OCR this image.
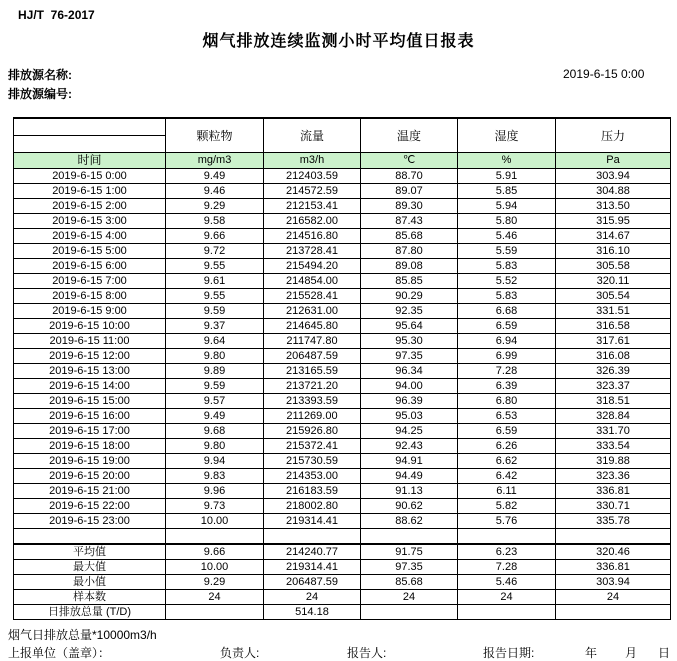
HJ/T  76-2017
烟气排放连续监测小时平均值日报表
排放源名称:
排放源编号:
2019-6-15 0:00
	颗粒物	流量	温度	湿度	压力

时间	mg/m3	m3/h	℃	%	Pa
2019-6-15 0:00	9.49	212403.59	88.70	5.91	303.94
2019-6-15 1:00	9.46	214572.59	89.07	5.85	304.88
2019-6-15 2:00	9.29	212153.41	89.30	5.94	313.50
2019-6-15 3:00	9.58	216582.00	87.43	5.80	315.95
2019-6-15 4:00	9.66	214516.80	85.68	5.46	314.67
2019-6-15 5:00	9.72	213728.41	87.80	5.59	316.10
2019-6-15 6:00	9.55	215494.20	89.08	5.83	305.58
2019-6-15 7:00	9.61	214854.00	85.85	5.52	320.11
2019-6-15 8:00	9.55	215528.41	90.29	5.83	305.54
2019-6-15 9:00	9.59	212631.00	92.35	6.68	331.51
2019-6-15 10:00	9.37	214645.80	95.64	6.59	316.58
2019-6-15 11:00	9.64	211747.80	95.30	6.94	317.61
2019-6-15 12:00	9.80	206487.59	97.35	6.99	316.08
2019-6-15 13:00	9.89	213165.59	96.34	7.28	326.39
2019-6-15 14:00	9.59	213721.20	94.00	6.39	323.37
2019-6-15 15:00	9.57	213393.59	96.39	6.80	318.51
2019-6-15 16:00	9.49	211269.00	95.03	6.53	328.84
2019-6-15 17:00	9.68	215926.80	94.25	6.59	331.70
2019-6-15 18:00	9.80	215372.41	92.43	6.26	333.54
2019-6-15 19:00	9.94	215730.59	94.91	6.62	319.88
2019-6-15 20:00	9.83	214353.00	94.49	6.42	323.36
2019-6-15 21:00	9.96	216183.59	91.13	6.11	336.81
2019-6-15 22:00	9.73	218002.80	90.62	5.82	330.71
2019-6-15 23:00	10.00	219314.41	88.62	5.76	335.78

平均值	9.66	214240.77	91.75	6.23	320.46
最大值	10.00	219314.41	97.35	7.28	336.81
最小值	9.29	206487.59	85.68	5.46	303.94
样本数	24	24	24	24	24
日排放总量 (T/D)		514.18			
烟气日排放总量*10000m3/h
上报单位（盖章）：	负责人:	报告人:	报告日期:	年 月 日
